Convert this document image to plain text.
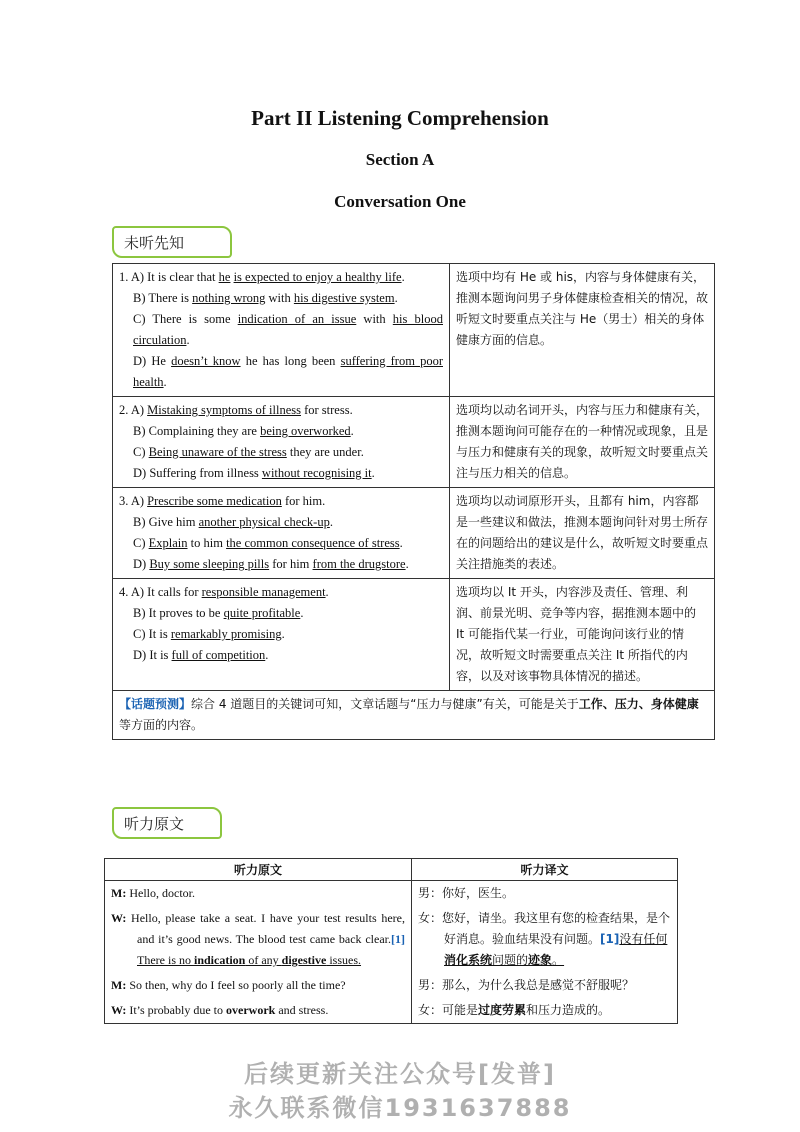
Part II Listening Comprehension
Section A
Conversation One
未听先知
1. A) It is clear that he is expected to enjoy a healthy life.
B) There is nothing wrong with his digestive system.
C) There is some indication of an issue with his blood circulation.
D) He doesn’t know he has long been suffering from poor health.	选项中均有 He 或 his，内容与身体健康有关，推测本题询问男子身体健康检查相关的情况，故听短文时要重点关注与 He（男士）相关的身体健康方面的信息。

2. A) Mistaking symptoms of illness for stress.
B) Complaining they are being overworked.
C) Being unaware of the stress they are under.
D) Suffering from illness without recognising it.	选项均以动名词开头，内容与压力和健康有关，推测本题询问可能存在的一种情况或现象，且是与压力和健康有关的现象，故听短文时要重点关注与压力相关的信息。

3. A) Prescribe some medication for him.
B) Give him another physical check-up.
C) Explain to him the common consequence of stress.
D) Buy some sleeping pills for him from the drugstore.	选项均以动词原形开头，且都有 him，内容都是一些建议和做法，推测本题询问针对男士所存在的问题给出的建议是什么，故听短文时要重点关注措施类的表述。

4. A) It calls for responsible management.
B) It proves to be quite profitable.
C) It is remarkably promising.
D) It is full of competition.	选项均以 It 开头，内容涉及责任、管理、利润、前景光明、竞争等内容，据推测本题中的 It 可能指代某一行业，可能询问该行业的情况，故听短文时需要重点关注 It 所指代的内容，以及对该事物具体情况的描述。
【话题预测】综合 4 道题目的关键词可知，文章话题与“压力与健康”有关，可能是关于工作、压力、身体健康等方面的内容。	
听力原文
听力原文	听力译文
M: Hello, doctor.	男：你好，医生。

W: Hello, please take a seat. I have your test results here, and it’s good news. The blood test came back clear.[1] There is no indication of any digestive issues.	女：您好，请坐。我这里有您的检查结果，是个好消息。验血结果没有问题。[1]没有任何消化系统问题的迹象。

M: So then, why do I feel so poorly all the time?	男：那么，为什么我总是感觉不舒服呢？
W: It’s probably due to overwork and stress.	女：可能是过度劳累和压力造成的。
后续更新关注公众号[发普]
永久联系微信1931637888
